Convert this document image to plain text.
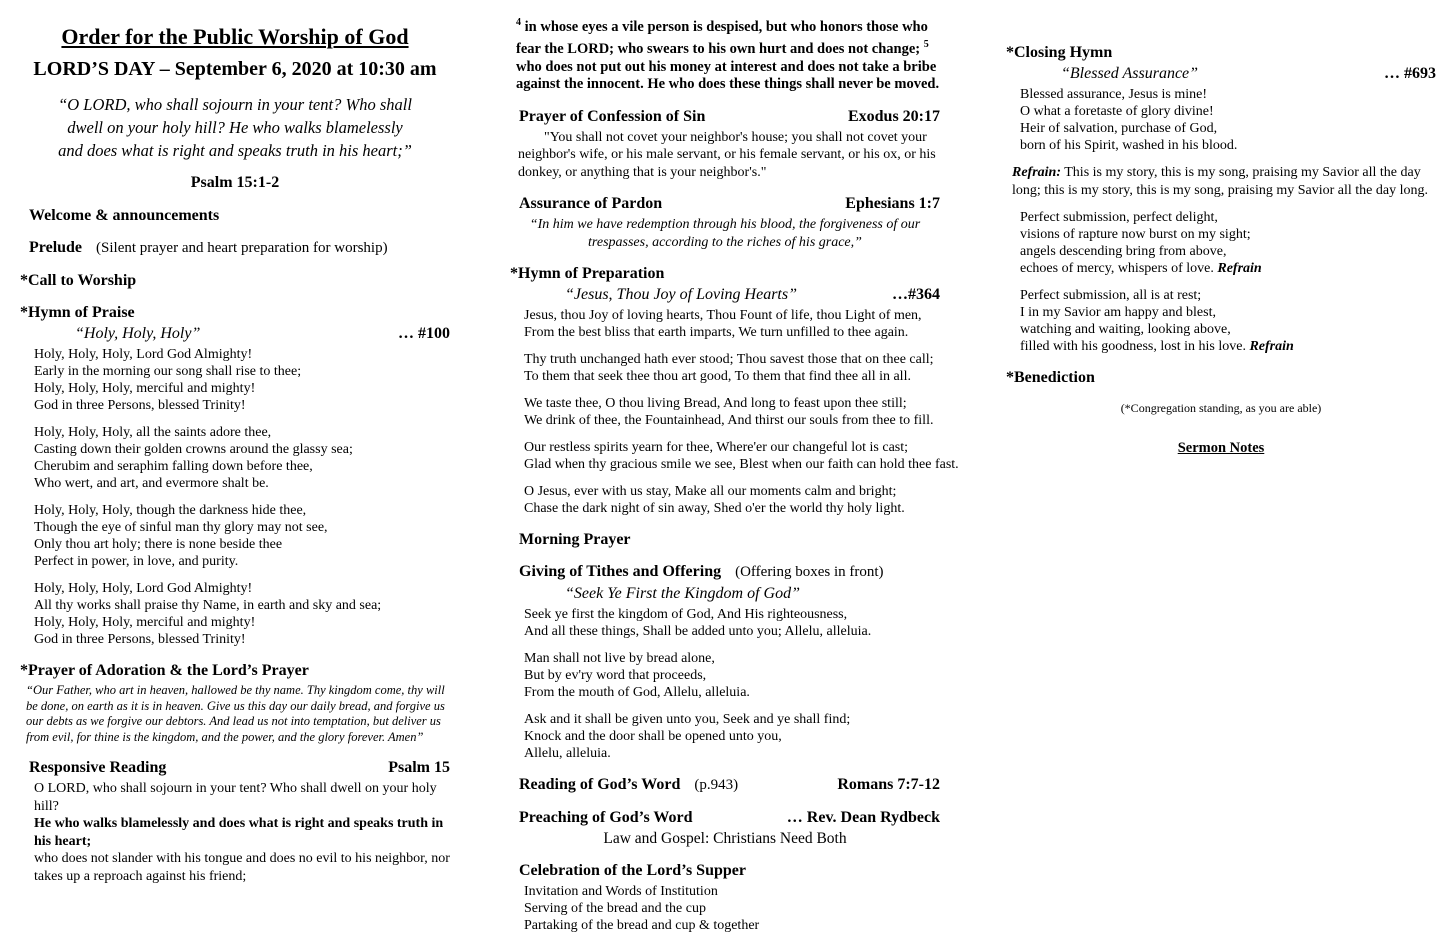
Order for the Public Worship of God
LORD’S DAY – September 6, 2020 at 10:30 am
“O LORD, who shall sojourn in your tent? Who shall
dwell on your holy hill? He who walks blamelessly
and does what is right and speaks truth in his heart;”
Psalm 15:1-2
Welcome & announcements
Prelude (Silent prayer and heart preparation for worship)
*Call to Worship
*Hymn of Praise
“Holy, Holy, Holy”	… #100
Holy, Holy, Holy, Lord God Almighty!
Early in the morning our song shall rise to thee;
Holy, Holy, Holy, merciful and mighty!
God in three Persons, blessed Trinity!
Holy, Holy, Holy, all the saints adore thee,
Casting down their golden crowns around the glassy sea;
Cherubim and seraphim falling down before thee,
Who wert, and art, and evermore shalt be.
Holy, Holy, Holy, though the darkness hide thee,
Though the eye of sinful man thy glory may not see,
Only thou art holy; there is none beside thee
Perfect in power, in love, and purity.
Holy, Holy, Holy, Lord God Almighty!
All thy works shall praise thy Name, in earth and sky and sea;
Holy, Holy, Holy, merciful and mighty!
God in three Persons, blessed Trinity!
*Prayer of Adoration & the Lord’s Prayer
“Our Father, who art in heaven, hallowed be thy name. Thy kingdom come, thy will be done, on earth as it is in heaven. Give us this day our daily bread, and forgive us our debts as we forgive our debtors. And lead us not into temptation, but deliver us from evil, for thine is the kingdom, and the power, and the glory forever. Amen”
Responsive Reading	Psalm 15

O LORD, who shall sojourn in your tent? Who shall dwell on your holy hill?

He who walks blamelessly and does what is right and speaks truth in his heart;

who does not slander with his tongue and does no evil to his neighbor, nor takes up a reproach against his friend;

$^4$ in whose eyes a vile person is despised, but who honors those who fear the LORD; who swears to his own hurt and does not change; $^5$ who does not put out his money at interest and does not take a bribe against the innocent. He who does these things shall never be moved.
Prayer of Confession of Sin	Exodus 20:17
"You shall not covet your neighbor's house; you shall not covet your neighbor's wife, or his male servant, or his female servant, or his ox, or his donkey, or anything that is your neighbor's."
Assurance of Pardon	Ephesians 1:7
“In him we have redemption through his blood, the forgiveness of our trespasses, according to the riches of his grace,”
*Hymn of Preparation
“Jesus, Thou Joy of Loving Hearts”	…#364
Jesus, thou Joy of loving hearts, Thou Fount of life, thou Light of men,
From the best bliss that earth imparts, We turn unfilled to thee again.
Thy truth unchanged hath ever stood; Thou savest those that on thee call;
To them that seek thee thou art good, To them that find thee all in all.
We taste thee, O thou living Bread, And long to feast upon thee still;
We drink of thee, the Fountainhead, And thirst our souls from thee to fill.
Our restless spirits yearn for thee, Where'er our changeful lot is cast;
Glad when thy gracious smile we see, Blest when our faith can hold thee fast.
O Jesus, ever with us stay, Make all our moments calm and bright;
Chase the dark night of sin away, Shed o'er the world thy holy light.
Morning Prayer
Giving of Tithes and Offering (Offering boxes in front)
“Seek Ye First the Kingdom of God”
Seek ye first the kingdom of God, And His righteousness,
And all these things, Shall be added unto you; Allelu, alleluia.
Man shall not live by bread alone,
But by ev'ry word that proceeds,
From the mouth of God, Allelu, alleluia.
Ask and it shall be given unto you, Seek and ye shall find;
Knock and the door shall be opened unto you,
Allelu, alleluia.
Reading of God’s Word (p.943)	Romans 7:7-12
Preaching of God’s Word	… Rev. Dean Rydbeck
Law and Gospel: Christians Need Both
Celebration of the Lord’s Supper
Invitation and Words of Institution
Serving of the bread and the cup
Partaking of the bread and cup & together
*Closing Hymn
“Blessed Assurance”	… #693
Blessed assurance, Jesus is mine!
O what a foretaste of glory divine!
Heir of salvation, purchase of God,
born of his Spirit, washed in his blood.
Refrain: This is my story, this is my song, praising my Savior all the day long; this is my story, this is my song, praising my Savior all the day long.
Perfect submission, perfect delight,
visions of rapture now burst on my sight;
angels descending bring from above,
echoes of mercy, whispers of love. Refrain
Perfect submission, all is at rest;
I in my Savior am happy and blest,
watching and waiting, looking above,
filled with his goodness, lost in his love. Refrain
*Benediction
(*Congregation standing, as you are able)
Sermon Notes
